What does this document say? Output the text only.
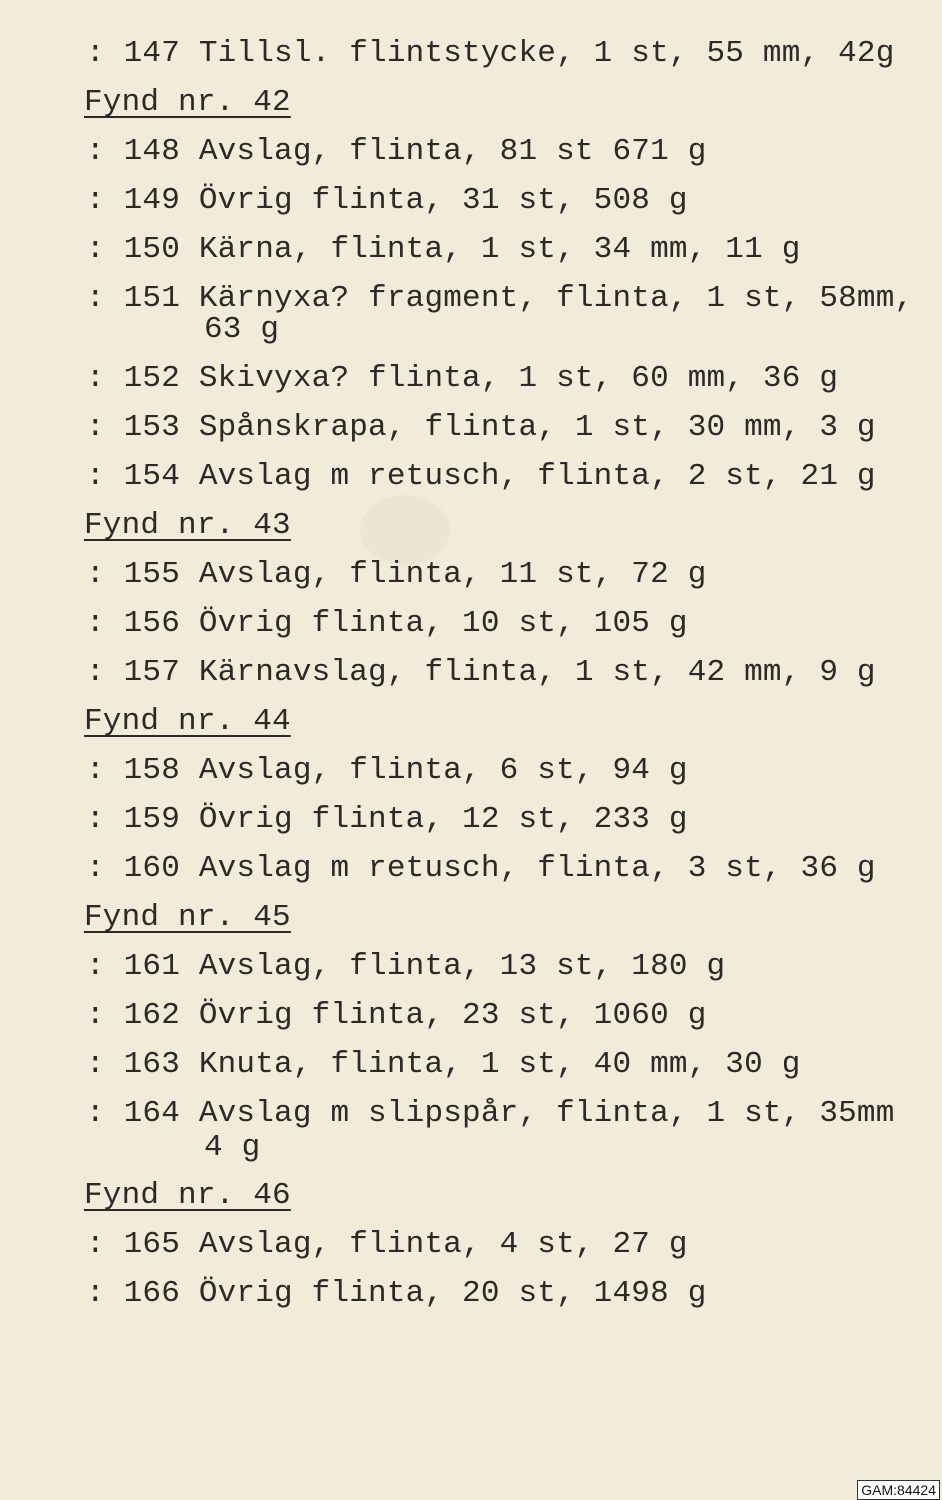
: 147 Tillsl. flintstycke, 1 st, 55 mm, 42g
Fynd nr. 42
: 148 Avslag, flinta, 81 st 671 g
: 149 Övrig flinta, 31 st, 508 g
: 150 Kärna, flinta, 1 st, 34 mm, 11 g
: 151 Kärnyxa? fragment, flinta, 1 st, 58mm,
63 g
: 152 Skivyxa? flinta, 1 st, 60 mm, 36 g
: 153 Spånskrapa, flinta, 1 st, 30 mm, 3 g
: 154 Avslag m retusch, flinta, 2 st, 21 g
Fynd nr. 43
: 155 Avslag, flinta, 11 st, 72 g
: 156 Övrig flinta, 10 st, 105 g
: 157 Kärnavslag, flinta, 1 st, 42 mm, 9 g
Fynd nr. 44
: 158 Avslag, flinta, 6 st, 94 g
: 159 Övrig flinta, 12 st, 233 g
: 160 Avslag m retusch, flinta, 3 st, 36 g
Fynd nr. 45
: 161 Avslag, flinta, 13 st, 180 g
: 162 Övrig flinta, 23 st, 1060 g
: 163 Knuta, flinta, 1 st, 40 mm, 30 g
: 164 Avslag m slipspår, flinta, 1 st, 35mm
4 g
Fynd nr. 46
: 165 Avslag, flinta, 4 st, 27 g
: 166 Övrig flinta, 20 st, 1498 g
GAM:84424
